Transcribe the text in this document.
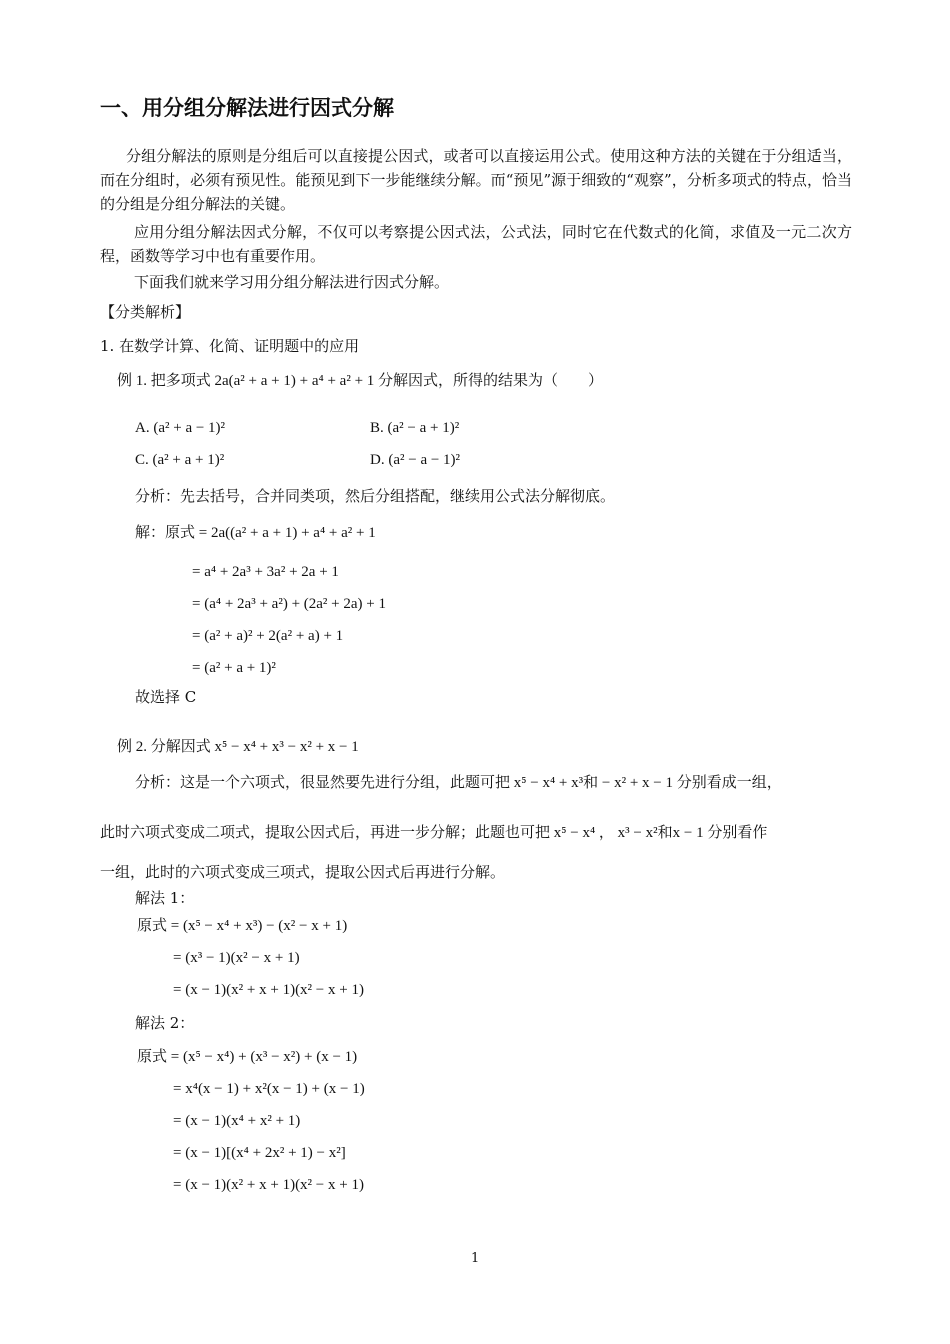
一、用分组分解法进行因式分解
分组分解法的原则是分组后可以直接提公因式，或者可以直接运用公式。使用这种方法的关键在于分组适当，而在分组时，必须有预见性。能预见到下一步能继续分解。而“预见”源于细致的“观察”，分析多项式的特点，恰当的分组是分组分解法的关键。
应用分组分解法因式分解，不仅可以考察提公因式法，公式法，同时它在代数式的化简，求值及一元二次方程，函数等学习中也有重要作用。
下面我们就来学习用分组分解法进行因式分解。
【分类解析】
1. 在数学计算、化简、证明题中的应用
例 1. 把多项式 2a(a² + a + 1) + a⁴ + a² + 1 分解因式，所得的结果为（　　）
A. (a² + a − 1)²	B. (a² − a + 1)²
C. (a² + a + 1)²	D. (a² − a − 1)²
分析：先去括号，合并同类项，然后分组搭配，继续用公式法分解彻底。
解：原式 = 2a((a² + a + 1) + a⁴ + a² + 1
= a⁴ + 2a³ + 3a² + 2a + 1
= (a⁴ + 2a³ + a²) + (2a² + 2a) + 1
= (a² + a)² + 2(a² + a) + 1
= (a² + a + 1)²
故选择 C
例 2. 分解因式 x⁵ − x⁴ + x³ − x² + x − 1
分析：这是一个六项式，很显然要先进行分组，此题可把 x⁵ − x⁴ + x³和 − x² + x − 1 分别看成一组，
此时六项式变成二项式，提取公因式后，再进一步分解；此题也可把 x⁵ − x⁴ ， x³ − x²和x − 1 分别看作
一组，此时的六项式变成三项式，提取公因式后再进行分解。
解法 1：
原式 = (x⁵ − x⁴ + x³) − (x² − x + 1)
= (x³ − 1)(x² − x + 1)
= (x − 1)(x² + x + 1)(x² − x + 1)
解法 2：
原式 = (x⁵ − x⁴) + (x³ − x²) + (x − 1)
= x⁴(x − 1) + x²(x − 1) + (x − 1)
= (x − 1)(x⁴ + x² + 1)
= (x − 1)[(x⁴ + 2x² + 1) − x²]
= (x − 1)(x² + x + 1)(x² − x + 1)
1
